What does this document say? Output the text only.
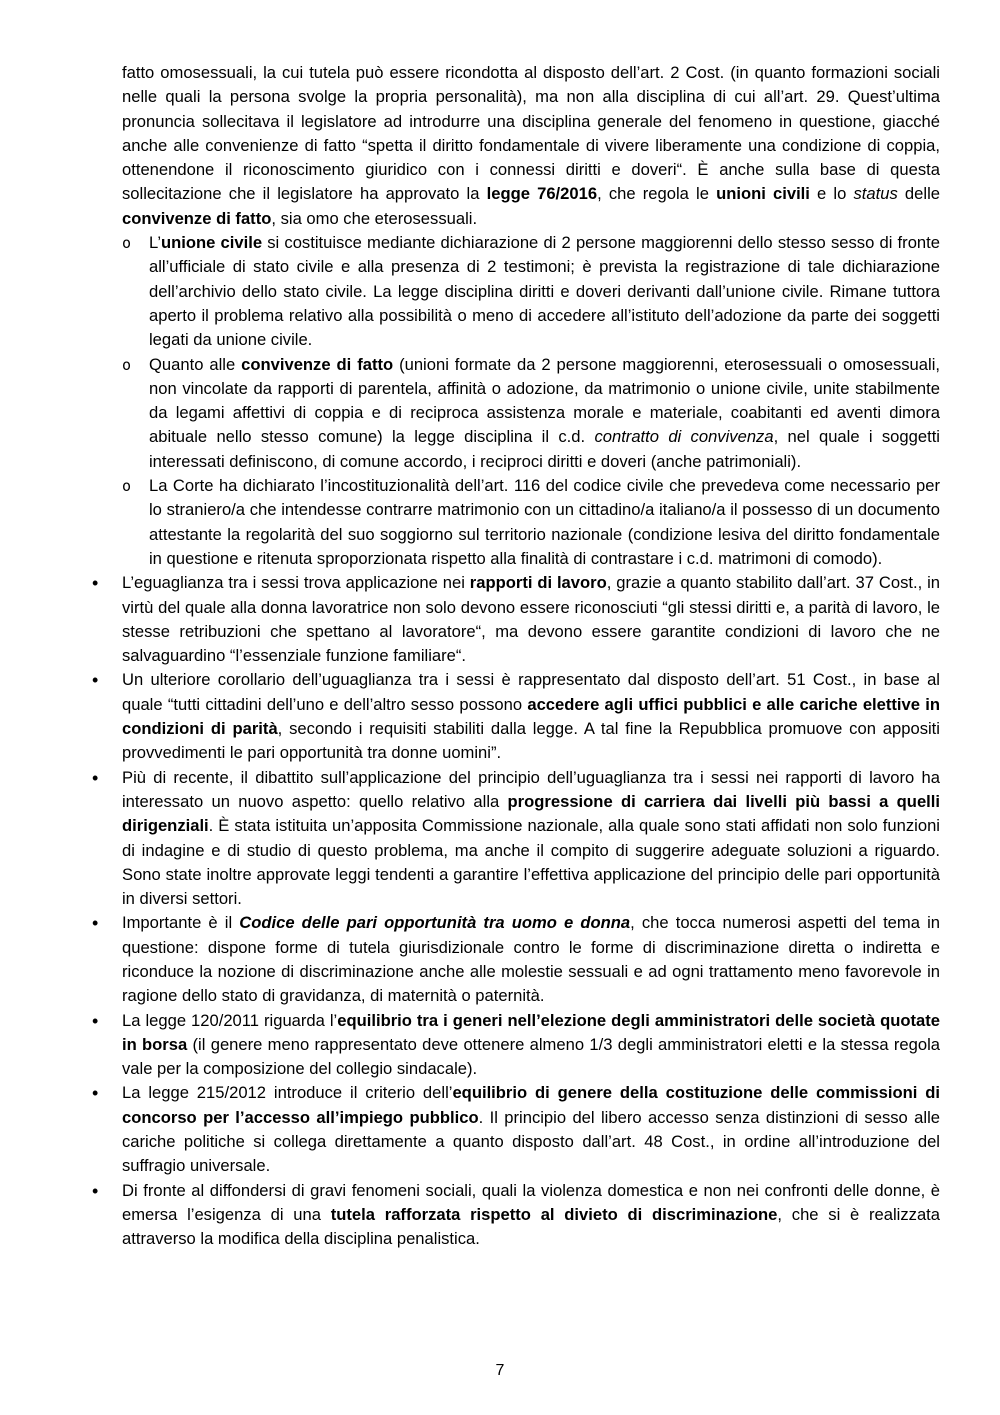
fatto omosessuali, la cui tutela può essere ricondotta al disposto dell’art. 2 Cost. (in quanto formazioni sociali nelle quali la persona svolge la propria personalità), ma non alla disciplina di cui all’art. 29. Quest’ultima pronuncia sollecitava il legislatore ad introdurre una disciplina generale del fenomeno in questione, giacché anche alle convenienze di fatto “spetta il diritto fondamentale di vivere liberamente una condizione di coppia, ottenendone il riconoscimento giuridico con i connessi diritti e doveri“. È anche sulla base di questa sollecitazione che il legislatore ha approvato la legge 76/2016, che regola le unioni civili e lo status delle convivenze di fatto, sia omo che eterosessuali.

o L’unione civile si costituisce mediante dichiarazione di 2 persone maggiorenni dello stesso sesso di fronte all’ufficiale di stato civile e alla presenza di 2 testimoni; è prevista la registrazione di tale dichiarazione dell’archivio dello stato civile. La legge disciplina diritti e doveri derivanti dall’unione civile. Rimane tuttora aperto il problema relativo alla possibilità o meno di accedere all’istituto dell’adozione da parte dei soggetti legati da unione civile.
o Quanto alle convivenze di fatto (unioni formate da 2 persone maggiorenni, eterosessuali o omosessuali, non vincolate da rapporti di parentela, affinità o adozione, da matrimonio o unione civile, unite stabilmente da legami affettivi di coppia e di reciproca assistenza morale e materiale, coabitanti ed aventi dimora abituale nello stesso comune) la legge disciplina il c.d. contratto di convivenza, nel quale i soggetti interessati definiscono, di comune accordo, i reciproci diritti e doveri (anche patrimoniali).
o La Corte ha dichiarato l’incostituzionalità dell’art. 116 del codice civile che prevedeva come necessario per lo straniero/a che intendesse contrarre matrimonio con un cittadino/a italiano/a il possesso di un documento attestante la regolarità del suo soggiorno sul territorio nazionale (condizione lesiva del diritto fondamentale in questione e ritenuta sproporzionata rispetto alla finalità di contrastare i c.d. matrimoni di comodo).
• L’eguaglianza tra i sessi trova applicazione nei rapporti di lavoro, grazie a quanto stabilito dall’art. 37 Cost., in virtù del quale alla donna lavoratrice non solo devono essere riconosciuti “gli stessi diritti e, a parità di lavoro, le stesse retribuzioni che spettano al lavoratore“, ma devono essere garantite condizioni di lavoro che ne salvaguardino “l’essenziale funzione familiare“.
• Un ulteriore corollario dell’uguaglianza tra i sessi è rappresentato dal disposto dell’art. 51 Cost., in base al quale “tutti cittadini dell’uno e dell’altro sesso possono accedere agli uffici pubblici e alle cariche elettive in condizioni di parità, secondo i requisiti stabiliti dalla legge. A tal fine la Repubblica promuove con appositi provvedimenti le pari opportunità tra donne uomini”.
• Più di recente, il dibattito sull’applicazione del principio dell’uguaglianza tra i sessi nei rapporti di lavoro ha interessato un nuovo aspetto: quello relativo alla progressione di carriera dai livelli più bassi a quelli dirigenziali. È stata istituita un’apposita Commissione nazionale, alla quale sono stati affidati non solo funzioni di indagine e di studio di questo problema, ma anche il compito di suggerire adeguate soluzioni a riguardo. Sono state inoltre approvate leggi tendenti a garantire l’effettiva applicazione del principio delle pari opportunità in diversi settori.
• Importante è il Codice delle pari opportunità tra uomo e donna, che tocca numerosi aspetti del tema in questione: dispone forme di tutela giurisdizionale contro le forme di discriminazione diretta o indiretta e riconduce la nozione di discriminazione anche alle molestie sessuali e ad ogni trattamento meno favorevole in ragione dello stato di gravidanza, di maternità o paternità.
• La legge 120/2011 riguarda l’equilibrio tra i generi nell’elezione degli amministratori delle società quotate in borsa (il genere meno rappresentato deve ottenere almeno 1/3 degli amministratori eletti e la stessa regola vale per la composizione del collegio sindacale).
• La legge 215/2012 introduce il criterio dell’equilibrio di genere della costituzione delle commissioni di concorso per l’accesso all’impiego pubblico. Il principio del libero accesso senza distinzioni di sesso alle cariche politiche si collega direttamente a quanto disposto dall’art. 48 Cost., in ordine all’introduzione del suffragio universale.
• Di fronte al diffondersi di gravi fenomeni sociali, quali la violenza domestica e non nei confronti delle donne, è emersa l’esigenza di una tutela rafforzata rispetto al divieto di discriminazione, che si è realizzata attraverso la modifica della disciplina penalistica.
7
